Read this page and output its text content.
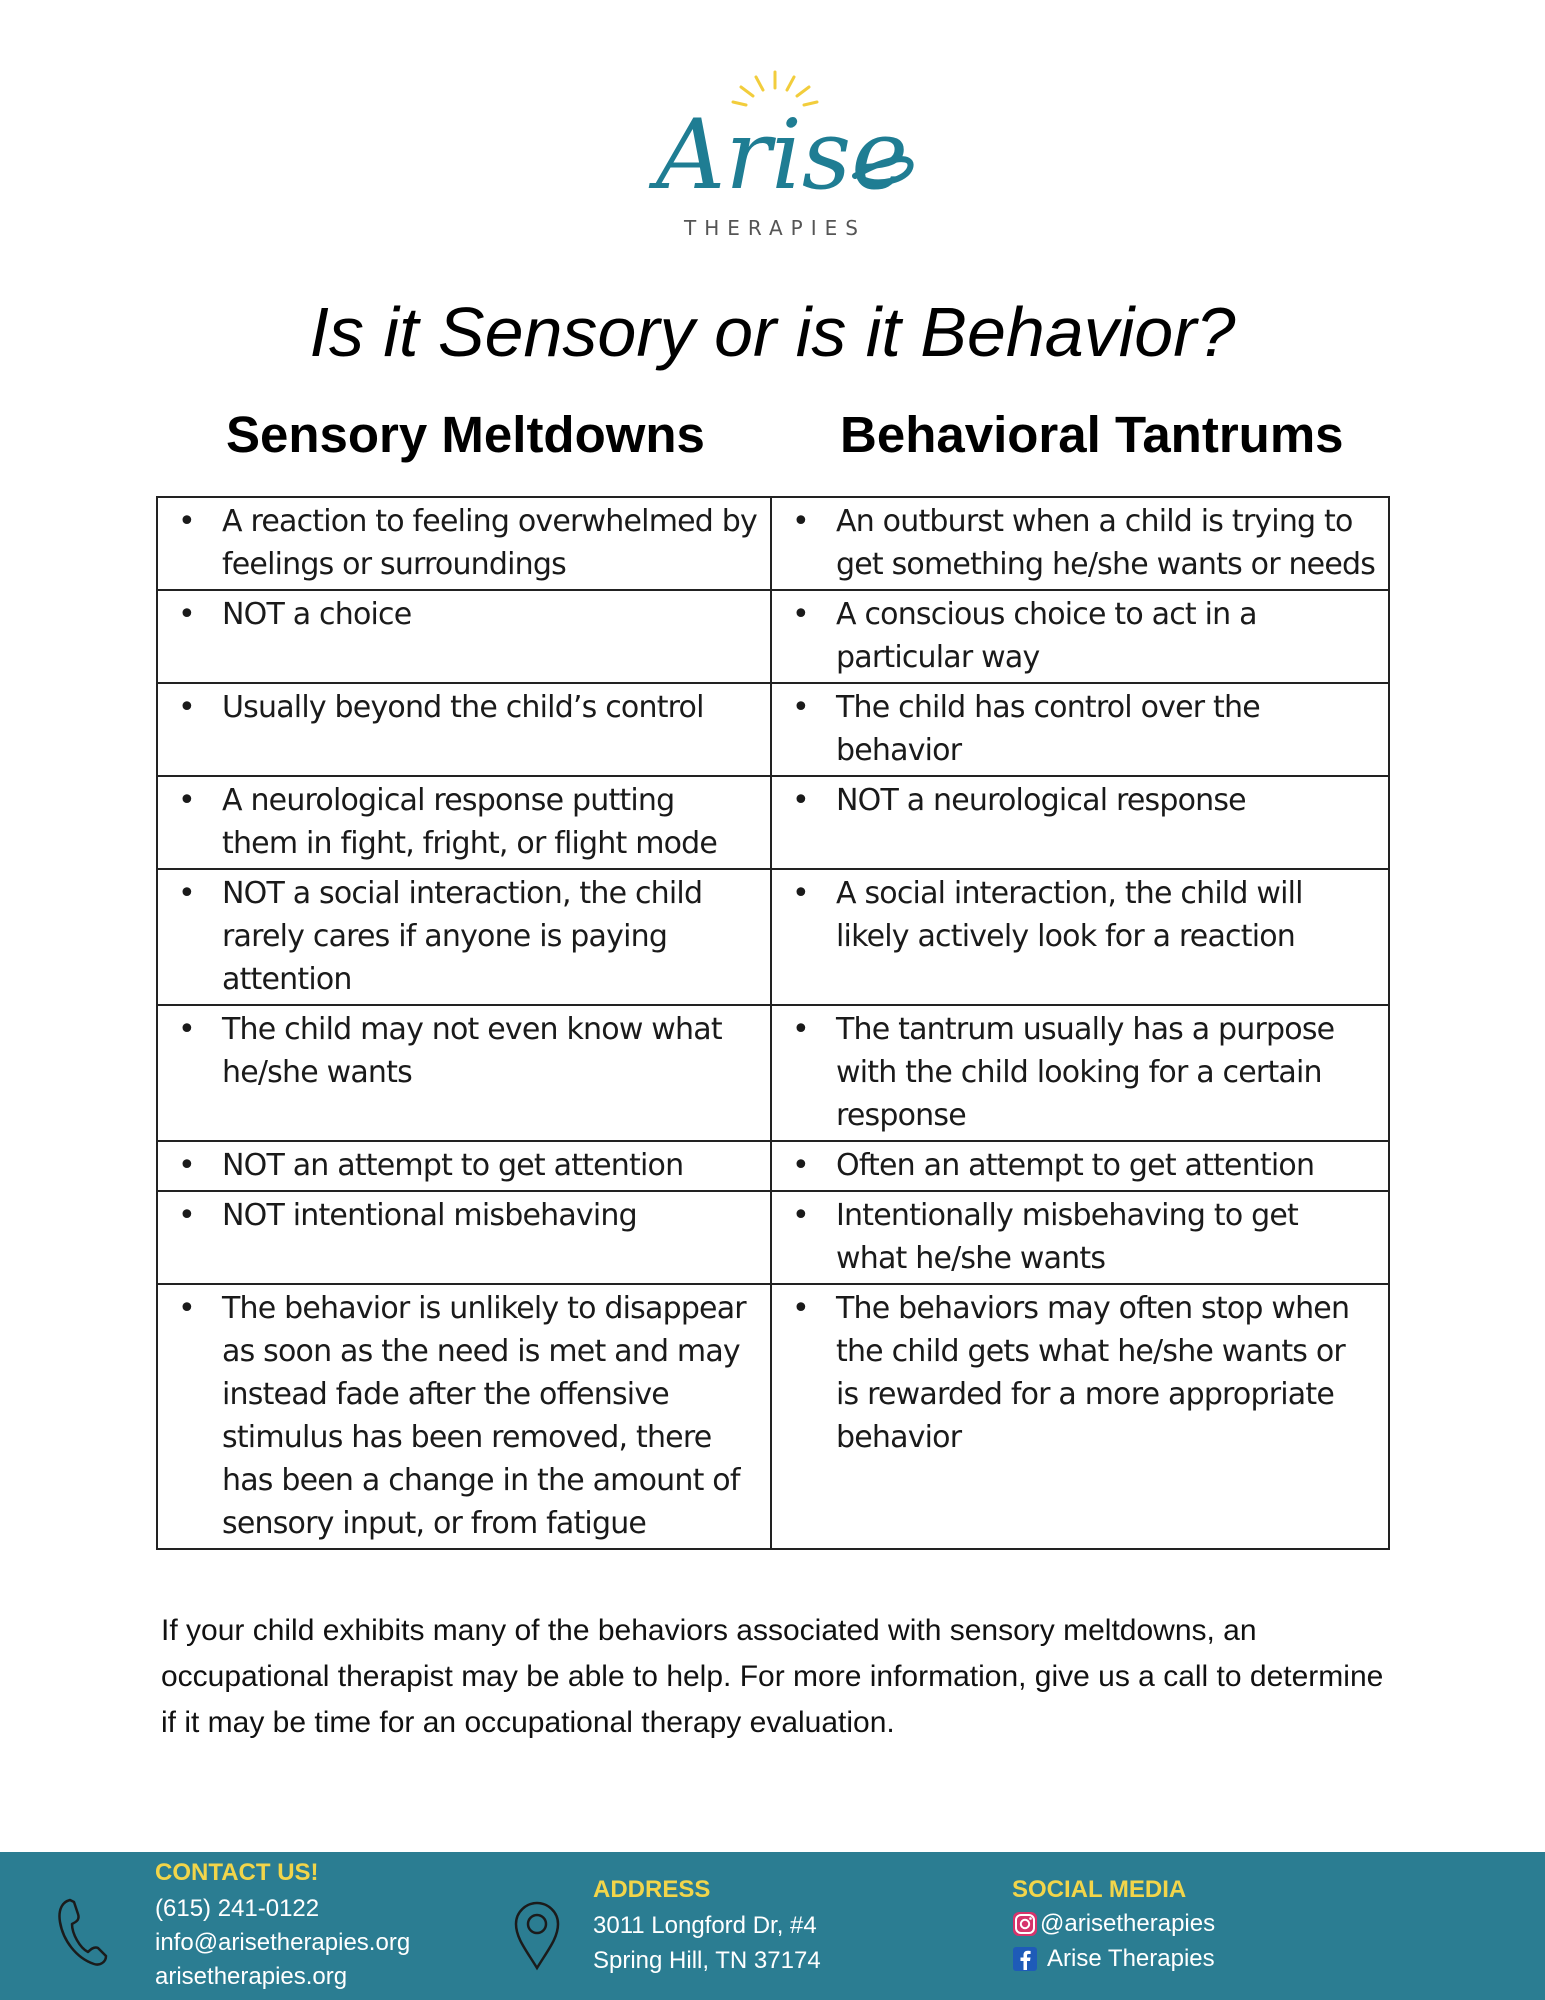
Arise
THERAPIES
Is it Sensory or is it Behavior?
Sensory Meltdowns	Behavioral Tantrums
• A reaction to feeling overwhelmed by feelings or surroundings	• An outburst when a child is trying to get something he/she wants or needs

• NOT a choice	• A conscious choice to act in a particular way

• Usually beyond the child’s control	• The child has control over the behavior

• A neurological response putting them in fight, fright, or flight mode	• NOT a neurological response

• NOT a social interaction, the child rarely cares if anyone is paying attention	• A social interaction, the child will likely actively look for a reaction

• The child may not even know what he/she wants	• The tantrum usually has a purpose with the child looking for a certain response

• NOT an attempt to get attention	• Often an attempt to get attention

• NOT intentional misbehaving	• Intentionally misbehaving to get what he/she wants

• The behavior is unlikely to disappear as soon as the need is met and may instead fade after the offensive stimulus has been removed, there has been a change in the amount of sensory input, or from fatigue	• The behaviors may often stop when the child gets what he/she wants or is rewarded for a more appropriate behavior

If your child exhibits many of the behaviors associated with sensory meltdowns, an occupational therapist may be able to help. For more information, give us a call to determine if it may be time for an occupational therapy evaluation.

CONTACT US!

(615) 241-0122

info@arisetherapies.org

arisetherapies.org

ADDRESS

3011 Longford Dr, #4

Spring Hill, TN 37174

SOCIAL MEDIA

@arisetherapies

Arise Therapies
